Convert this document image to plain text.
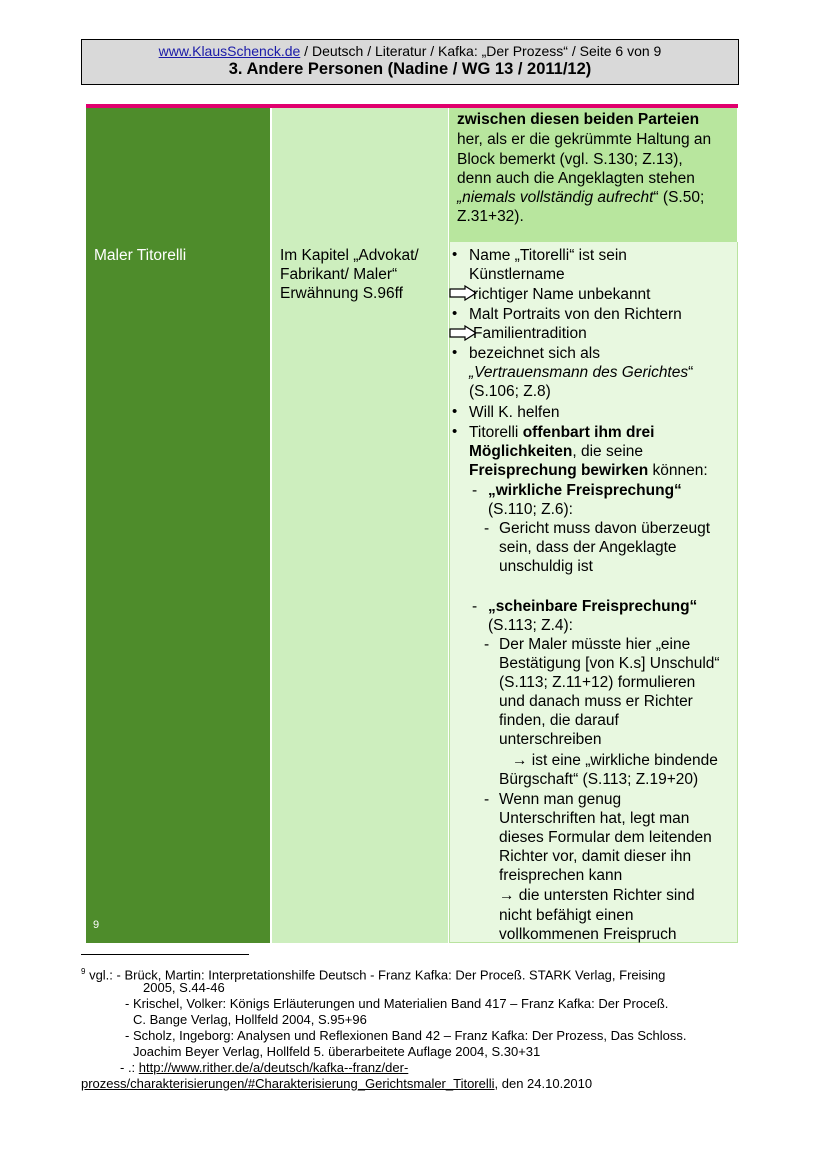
www.KlausSchenck.de / Deutsch / Literatur / Kafka: „Der Prozess“ / Seite 6 von 9
3. Andere Personen (Nadine / WG 13 / 2011/12)
zwischen diesen beiden Parteien
her, als er die gekrümmte Haltung an
Block bemerkt (vgl. S.130; Z.13),
denn auch die Angeklagten stehen
„niemals vollständig aufrecht“ (S.50;
Z.31+32).
Maler Titorelli
9
Im Kapitel „Advokat/
Fabrikant/ Maler“
Erwähnung S.96ff
• Name „Titorelli“ ist sein
Künstlername
richtiger Name unbekannt
• Malt Portraits von den Richtern
Familientradition
• bezeichnet sich als
„Vertrauensmann des Gerichtes“
(S.106; Z.8)
• Will K. helfen
• Titorelli offenbart ihm drei
Möglichkeiten, die seine
Freisprechung bewirken können:
- „wirkliche Freisprechung“
(S.110; Z.6):
- Gericht muss davon überzeugt
sein, dass der Angeklagte
unschuldig ist
- „scheinbare Freisprechung“
(S.113; Z.4):
- Der Maler müsste hier „eine
Bestätigung [von K.s] Unschuld“
(S.113; Z.11+12) formulieren
und danach muss er Richter
finden, die darauf
unterschreiben
→ ist eine „wirkliche bindende
Bürgschaft“ (S.113; Z.19+20)
- Wenn man genug
Unterschriften hat, legt man
dieses Formular dem leitenden
Richter vor, damit dieser ihn
freisprechen kann
→ die untersten Richter sind
nicht befähigt einen
vollkommenen Freispruch
$^9$ vgl.: - Brück, Martin: Interpretationshilfe Deutsch - Franz Kafka: Der Proceß. STARK Verlag, Freising
2005, S.44-46
- Krischel, Volker: Königs Erläuterungen und Materialien Band 417 – Franz Kafka: Der Proceß.
C. Bange Verlag, Hollfeld 2004, S.95+96
- Scholz, Ingeborg: Analysen und Reflexionen Band 42 – Franz Kafka: Der Prozess, Das Schloss.
Joachim Beyer Verlag, Hollfeld 5. überarbeitete Auflage 2004, S.30+31
- .: http://www.rither.de/a/deutsch/kafka--franz/der-
prozess/charakterisierungen/#Charakterisierung_Gerichtsmaler_Titorelli, den 24.10.2010
